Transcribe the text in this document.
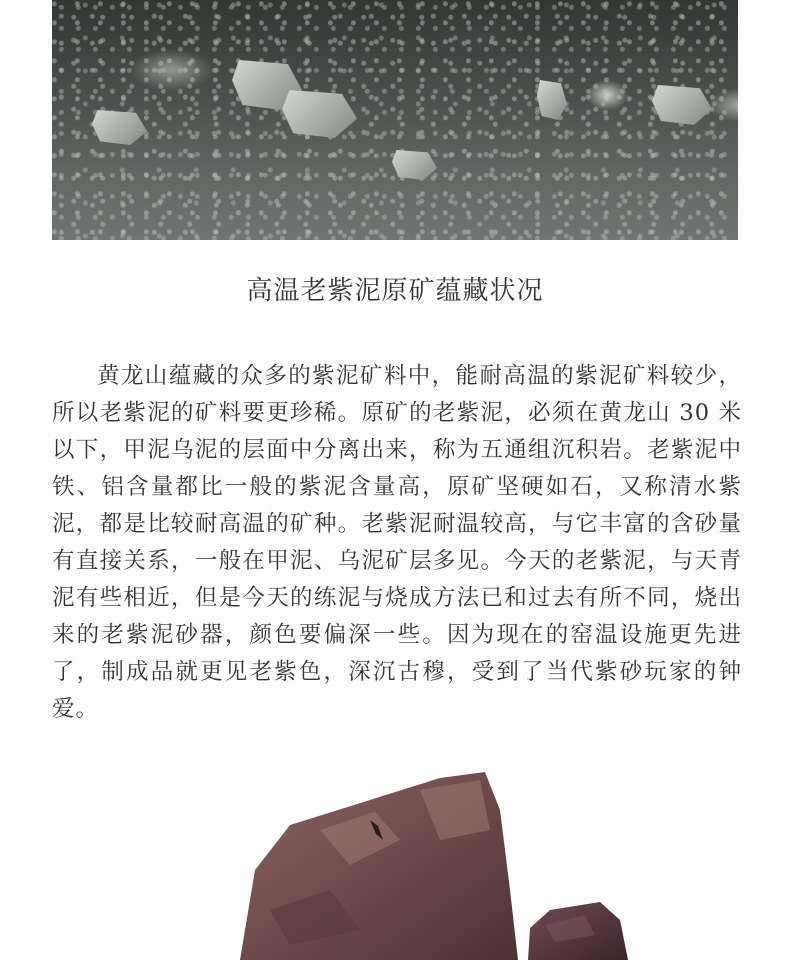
高温老紫泥原矿蕴藏状况

黄龙山蕴藏的众多的紫泥矿料中，能耐高温的紫泥矿料较少，所以老紫泥的矿料要更珍稀。原矿的老紫泥，必须在黄龙山 30 米以下，甲泥乌泥的层面中分离出来，称为五通组沉积岩。老紫泥中铁、铝含量都比一般的紫泥含量高，原矿坚硬如石，又称清水紫泥，都是比较耐高温的矿种。老紫泥耐温较高，与它丰富的含砂量有直接关系，一般在甲泥、乌泥矿层多见。今天的老紫泥，与天青泥有些相近，但是今天的练泥与烧成方法已和过去有所不同，烧出来的老紫泥砂器，颜色要偏深一些。因为现在的窑温设施更先进了，制成品就更见老紫色，深沉古穆，受到了当代紫砂玩家的钟爱。
